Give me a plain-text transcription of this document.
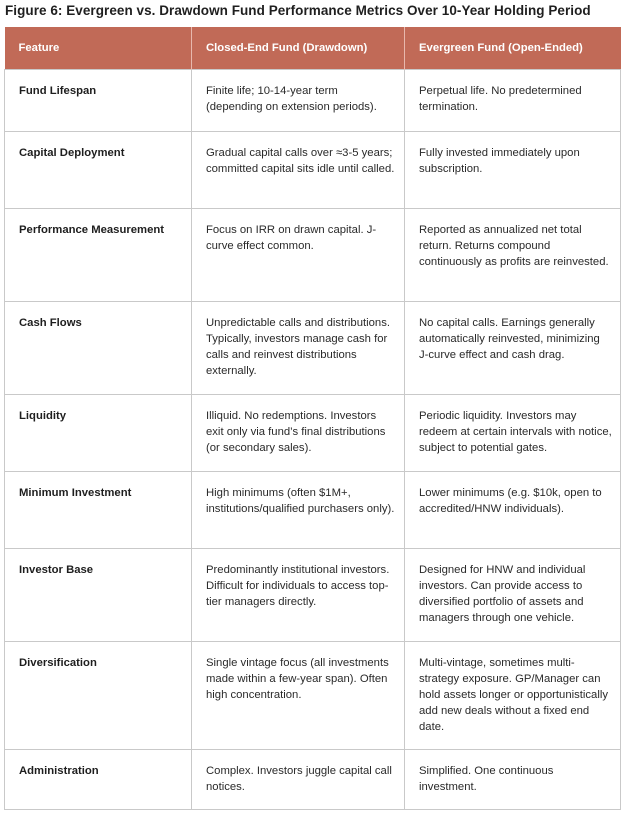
Figure 6: Evergreen vs. Drawdown Fund Performance Metrics Over 10-Year Holding Period
Feature	Closed-End Fund (Drawdown)	Evergreen Fund (Open-Ended)
Fund Lifespan	Finite life; 10-14-year term (depending on extension periods).	Perpetual life. No predetermined termination.
Capital Deployment	Gradual capital calls over ≈3-5 years; committed capital sits idle until called.	Fully invested immediately upon subscription.
Performance Measurement	Focus on IRR on drawn capital. J-curve effect common.	Reported as annualized net total return. Returns compound continuously as profits are reinvested.
Cash Flows	Unpredictable calls and distributions. Typically, investors manage cash for calls and reinvest distributions externally.	No capital calls. Earnings generally automatically reinvested, minimizing J-curve effect and cash drag.
Liquidity	Illiquid. No redemptions. Investors exit only via fund’s final distributions (or secondary sales).	Periodic liquidity. Investors may redeem at certain intervals with notice, subject to potential gates.
Minimum Investment	High minimums (often $1M+, institutions/qualified purchasers only).	Lower minimums (e.g. $10k, open to accredited/HNW individuals).
Investor Base	Predominantly institutional investors. Difficult for individuals to access top-tier managers directly.	Designed for HNW and individual investors. Can provide access to diversified portfolio of assets and managers through one vehicle.
Diversification	Single vintage focus (all investments made within a few-year span). Often high concentration.	Multi-vintage, sometimes multi-strategy exposure. GP/Manager can hold assets longer or opportunistically add new deals without a fixed end date.
Administration	Complex. Investors juggle capital call notices.	Simplified. One continuous investment.
